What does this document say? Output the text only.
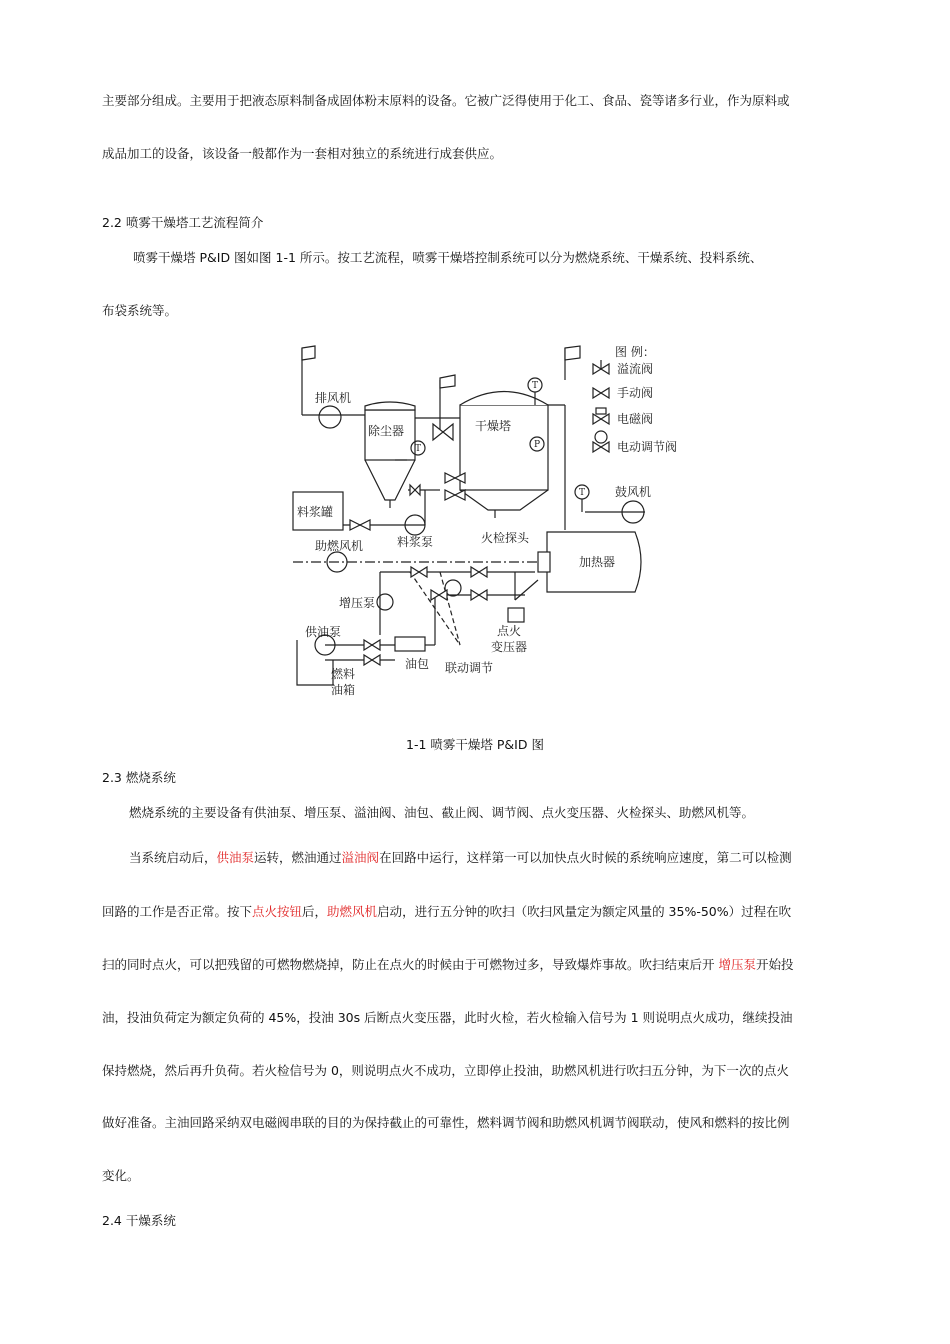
主要部分组成。主要用于把液态原料制备成固体粉末原料的设备。它被广泛得使用于化工、食品、瓷等诸多行业，作为原料或
成品加工的设备，该设备一般都作为一套相对独立的系统进行成套供应。
2.2 喷雾干燥塔工艺流程简介
喷雾干燥塔 P&ID 图如图 1-1 所示。按工艺流程，喷雾干燥塔控制系统可以分为燃烧系统、干燥系统、投料系统、
布袋系统等。
图 例：
溢流阀
手动阀
电磁阀
电动调节阀
排风机
除尘器	干燥塔
料浆罐
料浆泵
鼓风机
火检探头
加热器
助燃风机
增压泵
供油泵
油包
燃料
油箱
联动调节
点火
变压器
T
T
P
T
1-1 喷雾干燥塔 P&ID 图
2.3 燃烧系统
燃烧系统的主要设备有供油泵、增压泵、溢油阀、油包、截止阀、调节阀、点火变压器、火检探头、助燃风机等。
当系统启动后，供油泵运转，燃油通过溢油阀在回路中运行，这样第一可以加快点火时候的系统响应速度，第二可以检测
回路的工作是否正常。按下点火按钮后，助燃风机启动，进行五分钟的吹扫（吹扫风量定为额定风量的 35%-50%）过程在吹
扫的同时点火，可以把残留的可燃物燃烧掉，防止在点火的时候由于可燃物过多，导致爆炸事故。吹扫结束后开 增压泵开始投
油，投油负荷定为额定负荷的 45%，投油 30s 后断点火变压器，此时火检，若火检输入信号为 1 则说明点火成功，继续投油
保持燃烧，然后再升负荷。若火检信号为 0，则说明点火不成功，立即停止投油，助燃风机进行吹扫五分钟，为下一次的点火
做好准备。主油回路采纳双电磁阀串联的目的为保持截止的可靠性，燃料调节阀和助燃风机调节阀联动，使风和燃料的按比例
变化。
2.4 干燥系统
